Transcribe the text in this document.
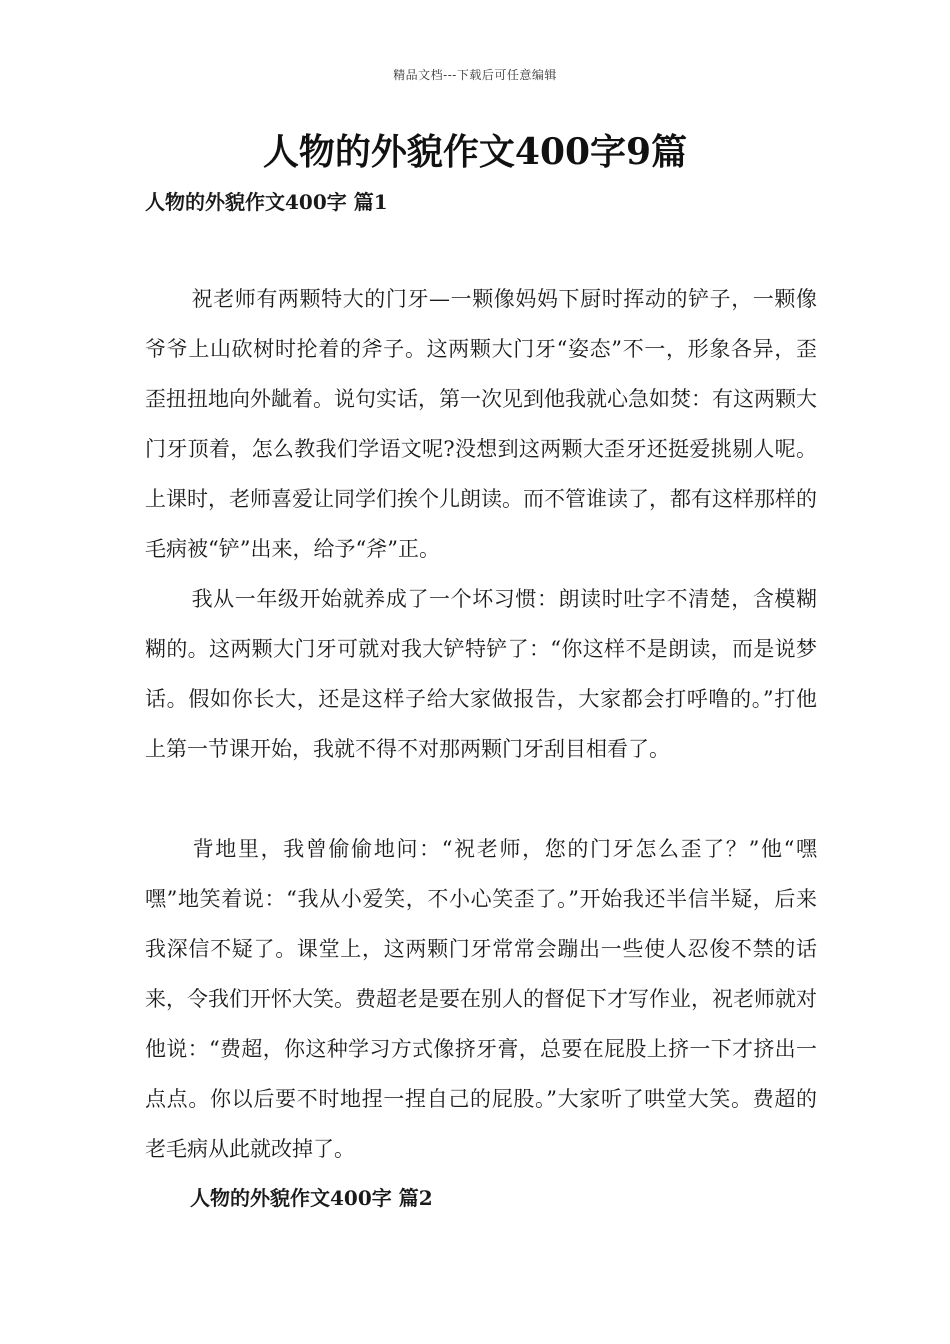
精品文档---下载后可任意编辑
人物的外貌作文400字9篇
人物的外貌作文400字 篇1

祝老师有两颗特大的门牙—一颗像妈妈下厨时挥动的铲子，一颗像爷爷上山砍树时抡着的斧子。这两颗大门牙“姿态”不一，形象各异，歪歪扭扭地向外龇着。说句实话，第一次见到他我就心急如焚：有这两颗大门牙顶着，怎么教我们学语文呢?没想到这两颗大歪牙还挺爱挑剔人呢。上课时，老师喜爱让同学们挨个儿朗读。而不管谁读了，都有这样那样的毛病被“铲”出来，给予“斧”正。

我从一年级开始就养成了一个坏习惯：朗读时吐字不清楚，含模糊糊的。这两颗大门牙可就对我大铲特铲了：“你这样不是朗读，而是说梦话。假如你长大，还是这样子给大家做报告，大家都会打呼噜的。”打他上第一节课开始，我就不得不对那两颗门牙刮目相看了。

背地里，我曾偷偷地问：“祝老师，您的门牙怎么歪了？”他“嘿嘿”地笑着说：“我从小爱笑，不小心笑歪了。”开始我还半信半疑，后来我深信不疑了。课堂上，这两颗门牙常常会蹦出一些使人忍俊不禁的话来，令我们开怀大笑。费超老是要在别人的督促下才写作业，祝老师就对他说：“费超，你这种学习方式像挤牙膏，总要在屁股上挤一下才挤出一点点。你以后要不时地捏一捏自己的屁股。”大家听了哄堂大笑。费超的老毛病从此就改掉了。

人物的外貌作文400字 篇2
